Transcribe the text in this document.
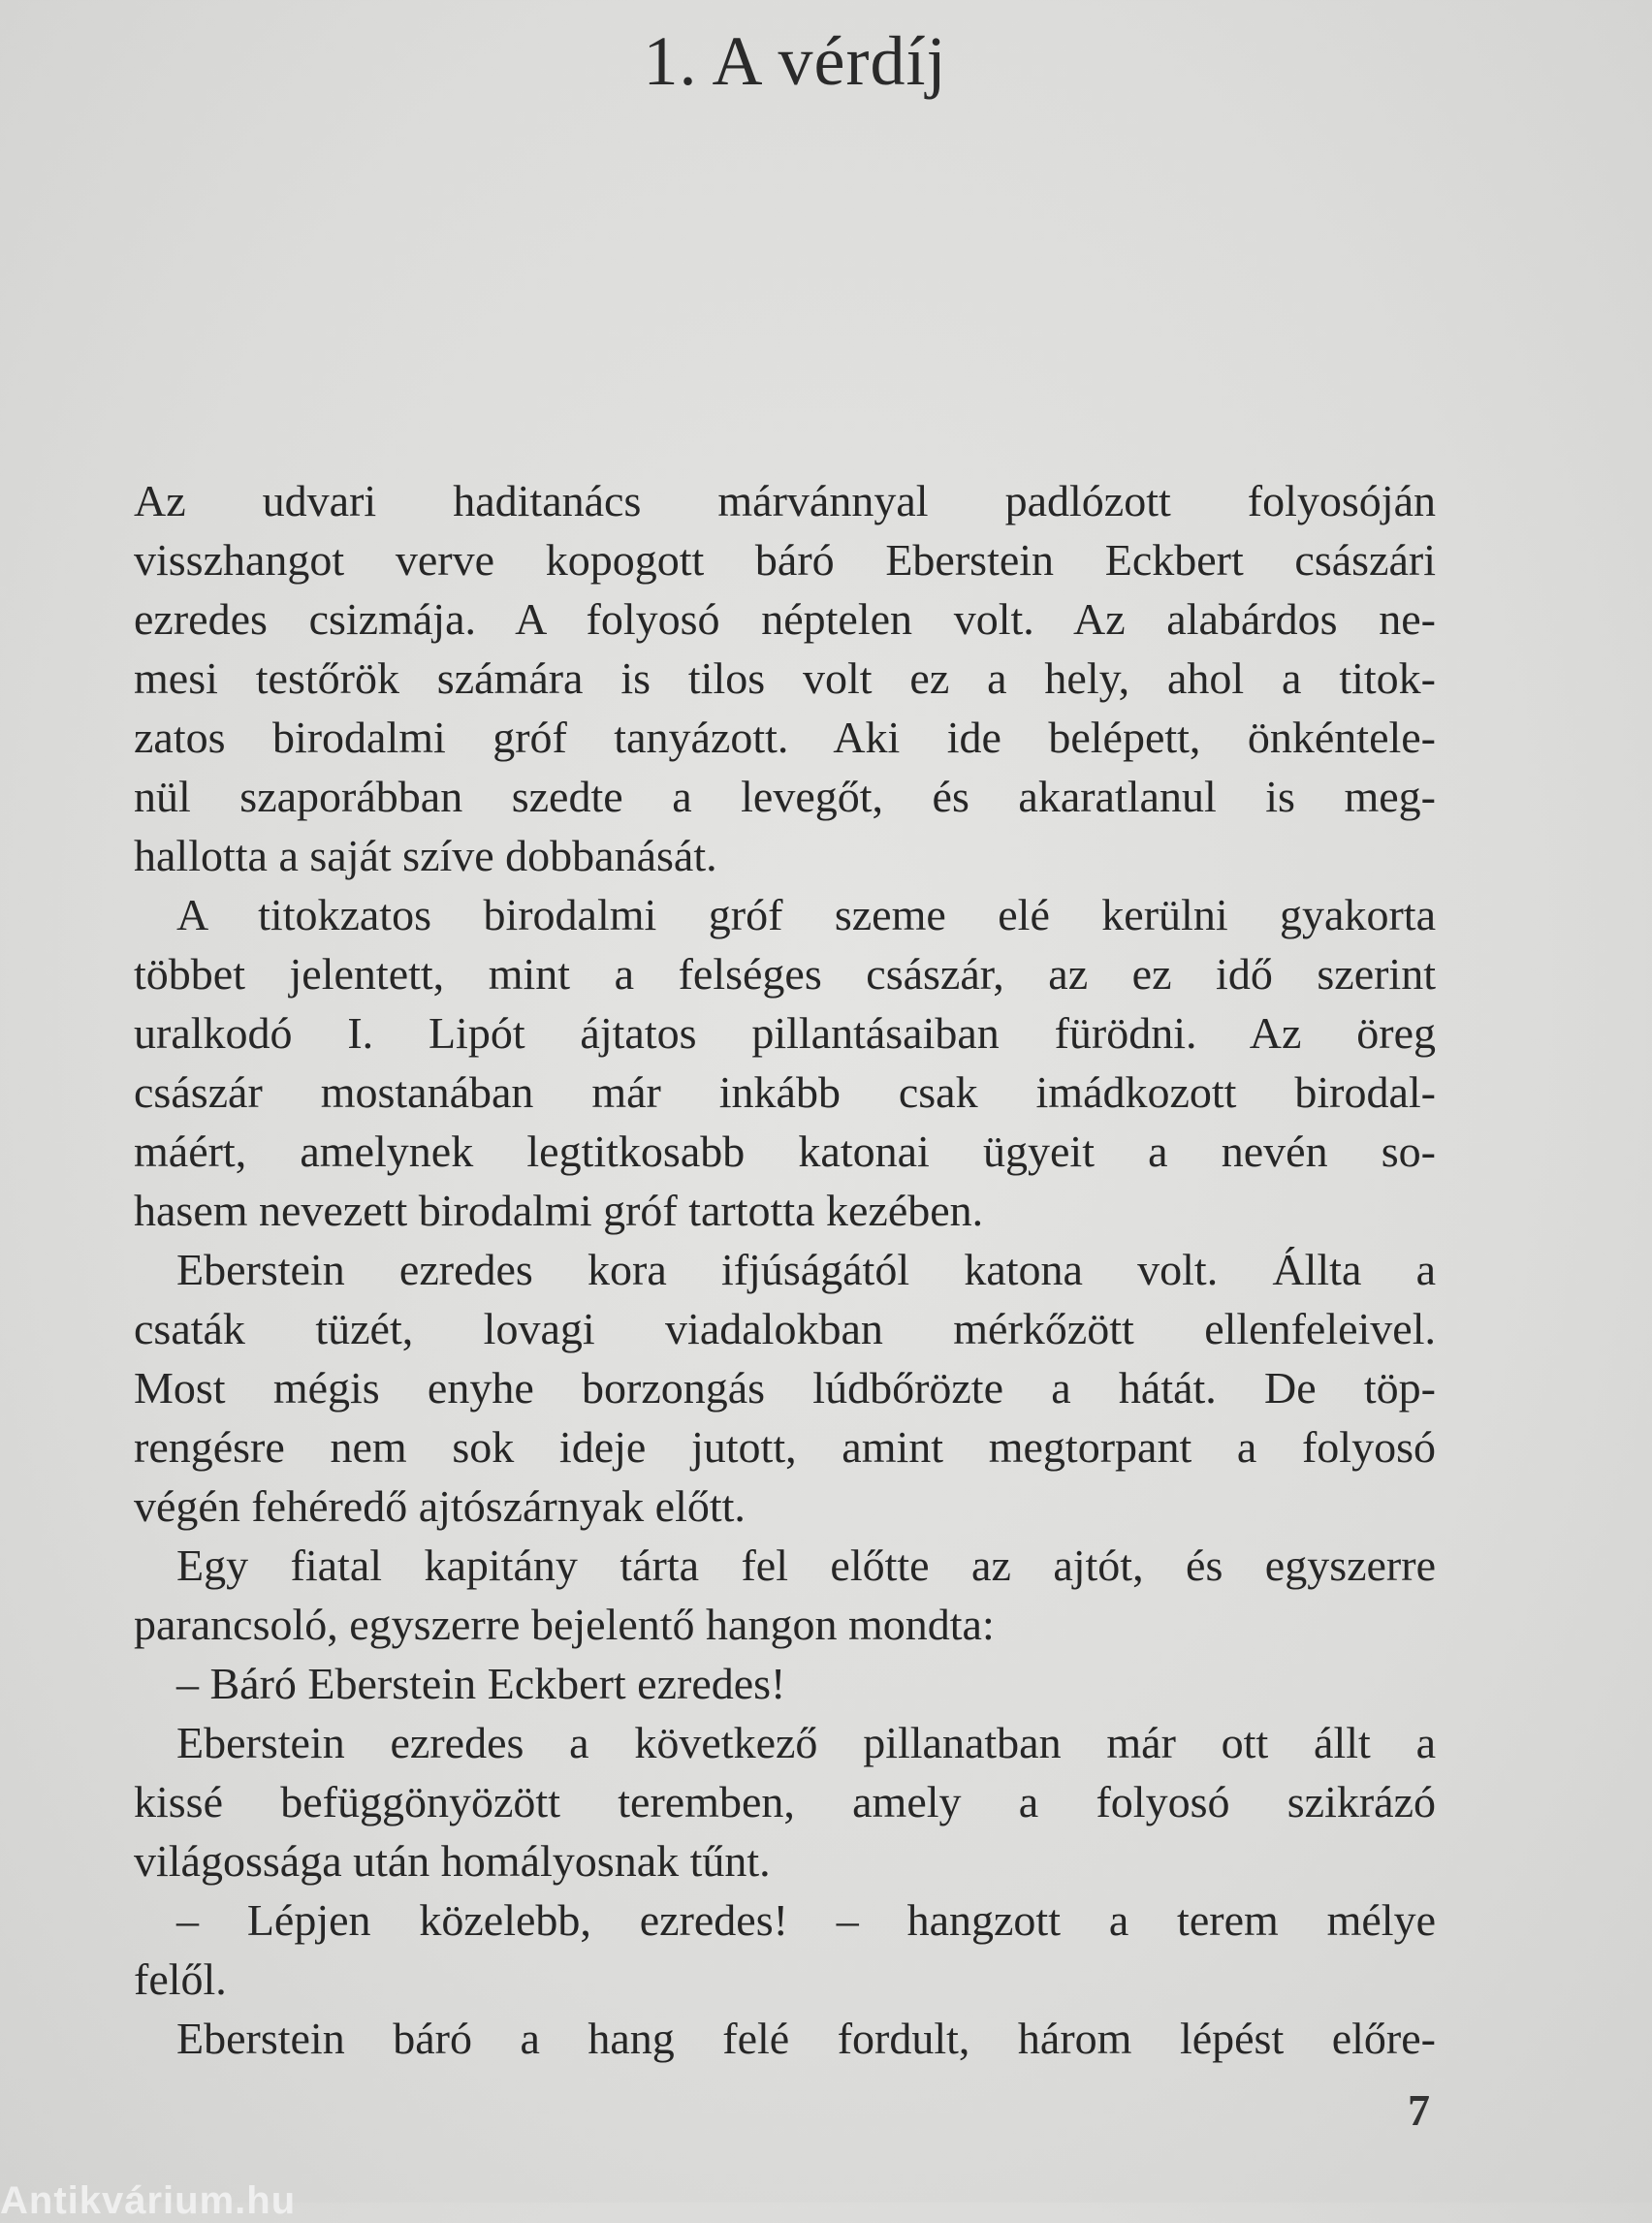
1. A vérdíj
Az udvari haditanács márvánnyal padlózott folyosóján
visszhangot verve kopogott báró Eberstein Eckbert császári
ezredes csizmája. A folyosó néptelen volt. Az alabárdos ne-
mesi testőrök számára is tilos volt ez a hely, ahol a titok-
zatos birodalmi gróf tanyázott. Aki ide belépett, önkéntele-
nül szaporábban szedte a levegőt, és akaratlanul is meg-
hallotta a saját szíve dobbanását.
A titokzatos birodalmi gróf szeme elé kerülni gyakorta
többet jelentett, mint a felséges császár, az ez idő szerint
uralkodó I. Lipót ájtatos pillantásaiban fürödni. Az öreg
császár mostanában már inkább csak imádkozott birodal-
máért, amelynek legtitkosabb katonai ügyeit a nevén so-
hasem nevezett birodalmi gróf tartotta kezében.
Eberstein ezredes kora ifjúságától katona volt. Állta a
csaták tüzét, lovagi viadalokban mérkőzött ellenfeleivel.
Most mégis enyhe borzongás lúdbőrözte a hátát. De töp-
rengésre nem sok ideje jutott, amint megtorpant a folyosó
végén fehéredő ajtószárnyak előtt.
Egy fiatal kapitány tárta fel előtte az ajtót, és egyszerre
parancsoló, egyszerre bejelentő hangon mondta:
– Báró Eberstein Eckbert ezredes!
Eberstein ezredes a következő pillanatban már ott állt a
kissé befüggönyözött teremben, amely a folyosó szikrázó
világossága után homályosnak tűnt.
– Lépjen közelebb, ezredes! – hangzott a terem mélye
felől.
Eberstein báró a hang felé fordult, három lépést előre-
7
Antikvárium.hu
